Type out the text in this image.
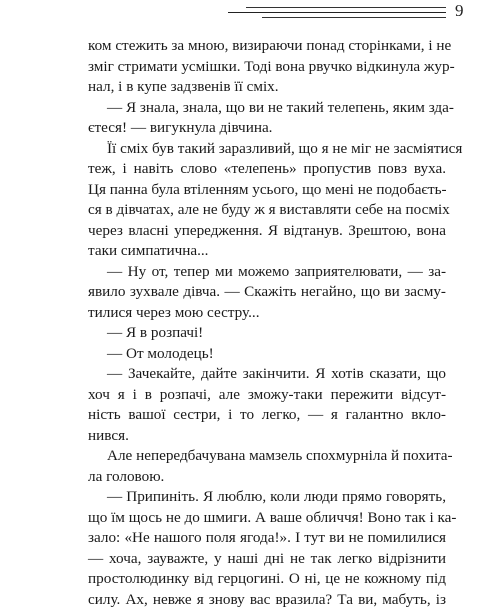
9
ком стежить за мною, визираючи понад сторінками, і не
зміг стримати усмішки. Тоді вона рвучко відкинула жур-
нал, і в купе задзвенів її сміх.
— Я знала, знала, що ви не такий телепень, яким зда-
єтеся! — вигукнула дівчина.
Її сміх був такий заразливий, що я не міг не засміятися
теж, і навіть слово «телепень» пропустив повз вуха.
Ця панна була втіленням усього, що мені не подобаєть-
ся в дівчатах, але не буду ж я виставляти себе на посміх
через власні упередження. Я відтанув. Зрештою, вона
таки симпатична...
— Ну от, тепер ми можемо заприятелювати, — за-
явило зухвале дівча. — Скажіть негайно, що ви засму-
тилися через мою сестру...
— Я в розпачі!
— От молодець!
— Зачекайте, дайте закінчити. Я хотів сказати, що
хоч я і в розпачі, але зможу-таки пережити відсут-
ність вашої сестри, і то легко, — я галантно вкло-
нився.
Але непередбачувана мамзель спохмурніла й похита-
ла головою.
— Припиніть. Я люблю, коли люди прямо говорять,
що їм щось не до шмиги. А ваше обличчя! Воно так і ка-
зало: «Не нашого поля ягода!». І тут ви не помилилися
— хоча, зауважте, у наші дні не так легко відрізнити
простолюдинку від герцогині. О ні, це не кожному під
силу. Ах, невже я знову вас вразила? Та ви, мабуть, із
